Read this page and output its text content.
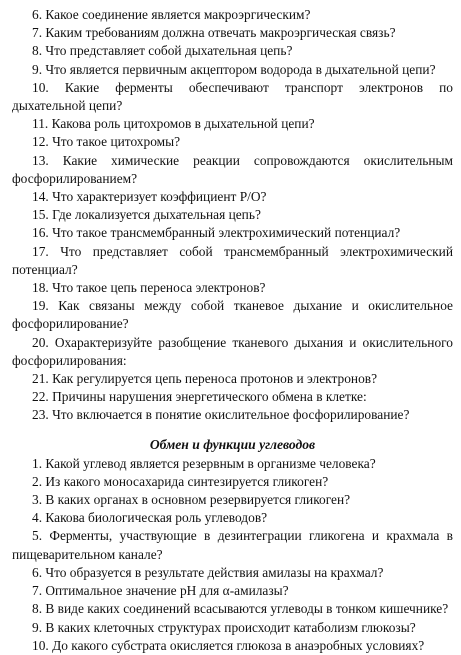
6. Какое соединение является макроэргическим?

7. Каким требованиям должна отвечать макроэргическая связь?

8. Что представляет собой дыхательная цепь?

9. Что является первичным акцептором водорода в дыхательной цепи?

10. Какие ферменты обеспечивают транспорт электронов по дыхательной цепи?

11. Какова роль цитохромов в дыхательной цепи?

12. Что такое цитохромы?

13. Какие химические реакции сопровождаются окислительным фосфорилированием?

14. Что характеризует коэффициент Р/О?

15. Где локализуется дыхательная цепь?

16. Что такое трансмембранный электрохимический потенциал?

17. Что представляет собой трансмембранный электрохимический потенциал?

18. Что такое цепь переноса электронов?

19. Как связаны между собой тканевое дыхание и окислительное фосфорилирование?

20. Охарактеризуйте разобщение тканевого дыхания и окислительного фосфорилирования:

21. Как регулируется цепь переноса протонов и электронов?

22. Причины нарушения энергетического обмена в клетке:

23. Что включается в понятие окислительное фосфорилирование?

Обмен и функции углеводов

1. Какой углевод является резервным в организме человека?

2. Из какого моносахарида синтезируется гликоген?

3. В каких органах в основном резервируется гликоген?

4. Какова биологическая роль углеводов?

5. Ферменты, участвующие в дезинтеграции гликогена и крахмала в пищеварительном канале?

6. Что образуется в результате действия амилазы на крахмал?

7. Оптимальное значение pH для α-амилазы?

8. В виде каких соединений всасываются углеводы в тонком кишечнике?

9. В каких клеточных структурах происходит катаболизм глюкозы?

10. До какого субстрата окисляется глюкоза в анаэробных условиях?
